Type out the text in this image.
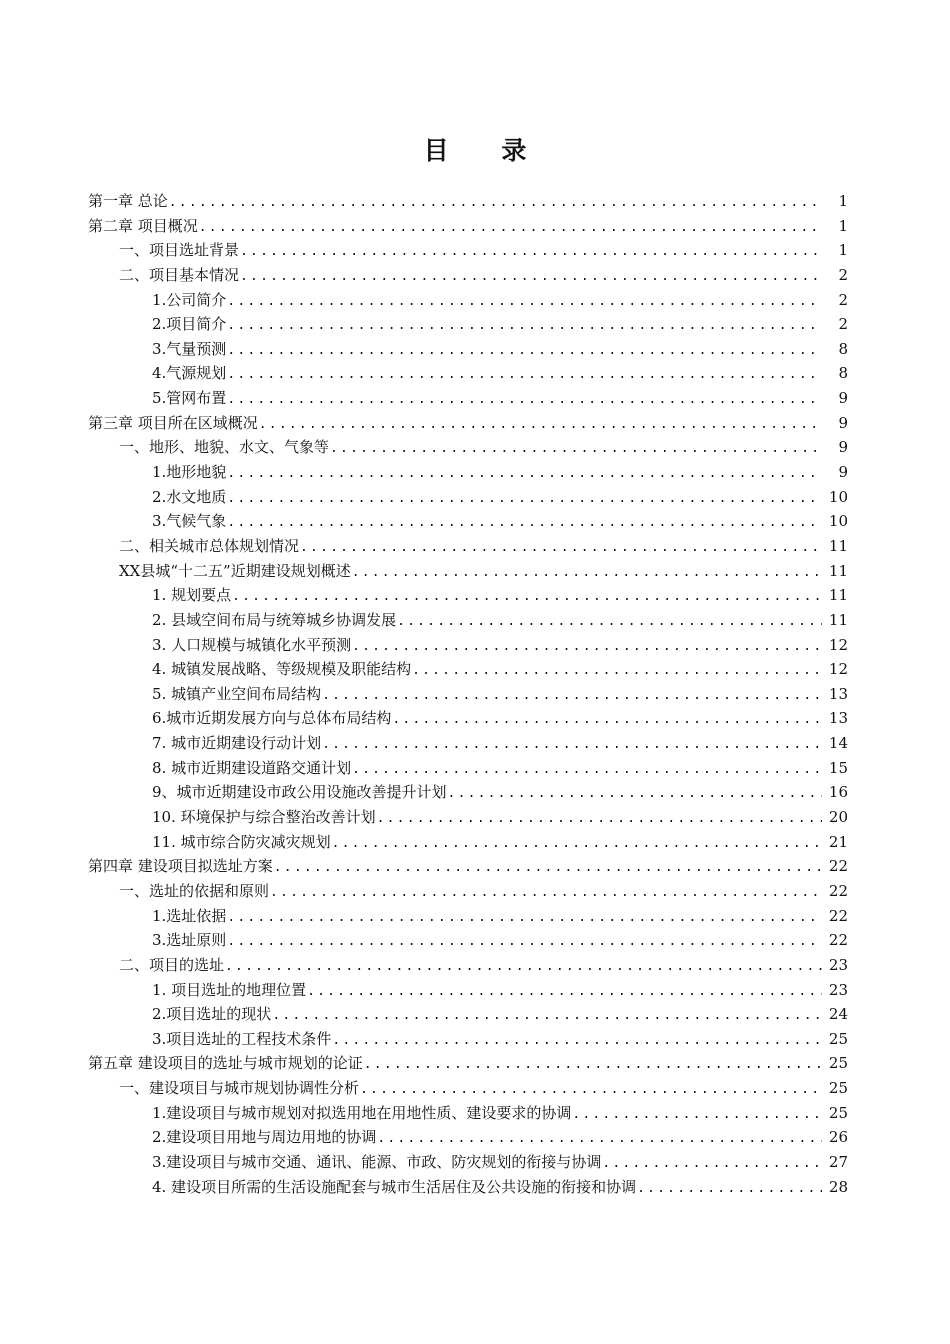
目 录
第一章 总论 .....	1
第二章 项目概况 .....	1
一、项目选址背景 .....	1
二、项目基本情况 .....	2
1.公司简介 .....	2
2.项目简介 .....	2
3.气量预测 .....	8
4.气源规划 .....	8
5.管网布置 .....	9
第三章 项目所在区域概况 .....	9
一、地形、地貌、水文、气象等 .....	9
1.地形地貌 .....	9
2.水文地质 .....	10
3.气候气象 .....	10
二、相关城市总体规划情况 .....	11
XX县城“十二五”近期建设规划概述 .....	11
1. 规划要点 .....	11
2. 县域空间布局与统筹城乡协调发展 .....	11
3. 人口规模与城镇化水平预测 .....	12
4. 城镇发展战略、等级规模及职能结构 .....	12
5. 城镇产业空间布局结构 .....	13
6.城市近期发展方向与总体布局结构 .....	13
7. 城市近期建设行动计划 .....	14
8. 城市近期建设道路交通计划 .....	15
9、城市近期建设市政公用设施改善提升计划 .....	16
10. 环境保护与综合整治改善计划 .....	20
11. 城市综合防灾减灾规划 .....	21
第四章 建设项目拟选址方案 .....	22
一、选址的依据和原则 .....	22
1.选址依据 .....	22
3.选址原则 .....	22
二、项目的选址 .....	23
1. 项目选址的地理位置 .....	23
2.项目选址的现状 .....	24
3.项目选址的工程技术条件 .....	25
第五章 建设项目的选址与城市规划的论证 .....	25
一、建设项目与城市规划协调性分析 .....	25
1.建设项目与城市规划对拟选用地在用地性质、建设要求的协调 .....	25
2.建设项目用地与周边用地的协调 .....	26
3.建设项目与城市交通、通讯、能源、市政、防灾规划的衔接与协调 .....	27
4. 建设项目所需的生活设施配套与城市生活居住及公共设施的衔接和协调 .....	28
